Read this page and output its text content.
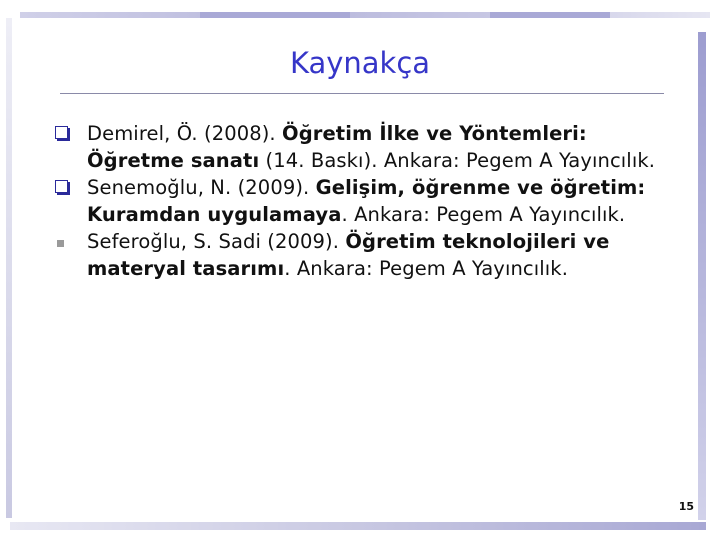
Kaynakça
Demirel, Ö. (2008). Öğretim İlke ve Yöntemleri: Öğretme sanatı (14. Baskı). Ankara: Pegem A Yayıncılık.
Senemoğlu, N. (2009). Gelişim, öğrenme ve öğretim: Kuramdan uygulamaya. Ankara: Pegem A Yayıncılık.
Seferoğlu, S. Sadi (2009). Öğretim teknolojileri ve materyal tasarımı. Ankara: Pegem A Yayıncılık.
15
